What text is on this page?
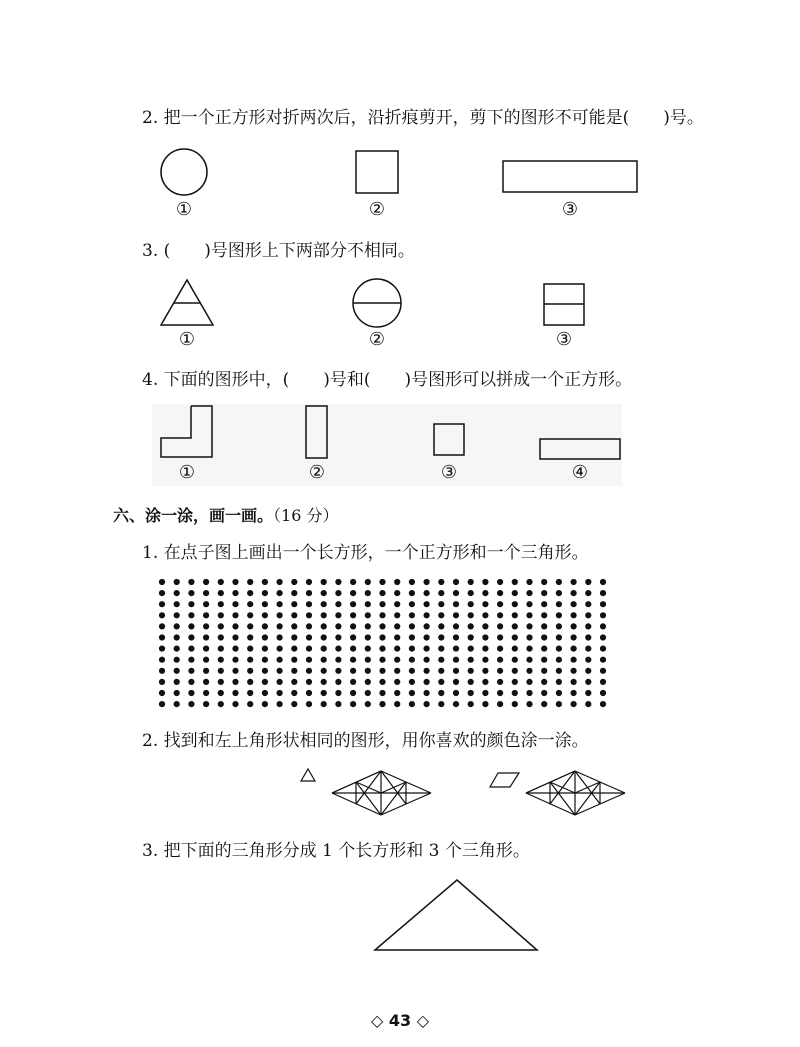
2. 把一个正方形对折两次后，沿折痕剪开，剪下的图形不可能是(　　)号。
①	②	③
3. (　　)号图形上下两部分不相同。
①	②	③
4. 下面的图形中，(　　)号和(　　)号图形可以拼成一个正方形。
①	②	③	④
六、涂一涂，画一画。（16 分）
1. 在点子图上画出一个长方形，一个正方形和一个三角形。
2. 找到和左上角形状相同的图形，用你喜欢的颜色涂一涂。
3. 把下面的三角形分成 1 个长方形和 3 个三角形。
◇ 43 ◇
